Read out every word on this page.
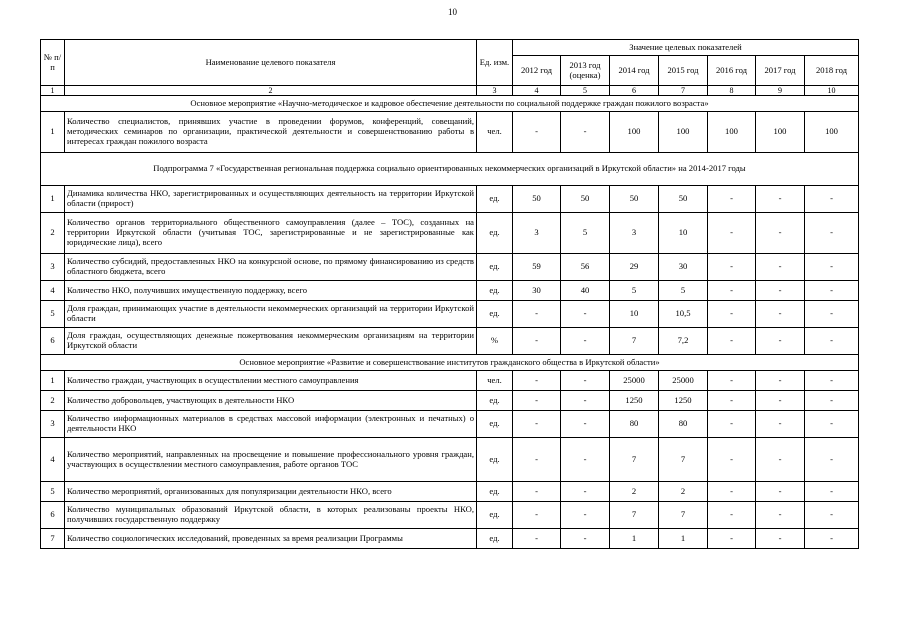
10
№ п/п	Наименование целевого показателя	Ед. изм.	Значение целевых показателей						
			2012 год	2013 год (оценка)	2014 год	2015 год	2016 год	2017 год	2018 год
1	2	3	4	5	6	7	8	9	10
Основное мероприятие «Научно-методическое и кадровое обеспечение деятельности по социальной поддержке граждан пожилого возраста»									
1	Количество специалистов, принявших участие в проведении форумов, конференций, совещаний, методических семинаров по организации, практической деятельности и совершенствованию работы в интересах граждан пожилого возраста	чел.	-	-	100	100	100	100	100
Подпрограмма 7 «Государственная региональная поддержка социально ориентированных некоммерческих организаций в Иркутской области» на 2014-2017 годы									
1	Динамика количества НКО, зарегистрированных и осуществляющих деятельность на территории Иркутской области (прирост)	ед.	50	50	50	50	-	-	-
2	Количество органов территориального общественного самоуправления (далее – ТОС), созданных на территории Иркутской области (учитывая ТОС, зарегистрированные и не зарегистрированные как юридические лица), всего	ед.	3	5	3	10	-	-	-
3	Количество субсидий, предоставленных НКО на конкурсной основе, по прямому финансированию из средств областного бюджета, всего	ед.	59	56	29	30	-	-	-
4	Количество НКО, получивших имущественную поддержку, всего	ед.	30	40	5	5	-	-	-
5	Доля граждан, принимающих участие в деятельности некоммерческих организаций на территории Иркутской области	ед.	-	-	10	10,5	-	-	-
6	Доля граждан, осуществляющих денежные пожертвования некоммерческим организациям на территории Иркутской области	%	-	-	7	7,2	-	-	-
Основное мероприятие «Развитие и совершенствование институтов гражданского общества в Иркутской области»									
1	Количество граждан, участвующих в осуществлении местного самоуправления	чел.	-	-	25000	25000	-	-	-
2	Количество добровольцев, участвующих в деятельности НКО	ед.	-	-	1250	1250	-	-	-
3	Количество информационных материалов в средствах массовой информации (электронных и печатных) о деятельности НКО	ед.	-	-	80	80	-	-	-
4	Количество мероприятий, направленных на просвещение и повышение профессионального уровня граждан, участвующих в осуществлении местного самоуправления, работе органов ТОС	ед.	-	-	7	7	-	-	-
5	Количество мероприятий, организованных для популяризации деятельности НКО, всего	ед.	-	-	2	2	-	-	-
6	Количество муниципальных образований Иркутской области, в которых реализованы проекты НКО, получивших государственную поддержку	ед.	-	-	7	7	-	-	-
7	Количество социологических исследований, проведенных за время реализации Программы	ед.	-	-	1	1	-	-	-
